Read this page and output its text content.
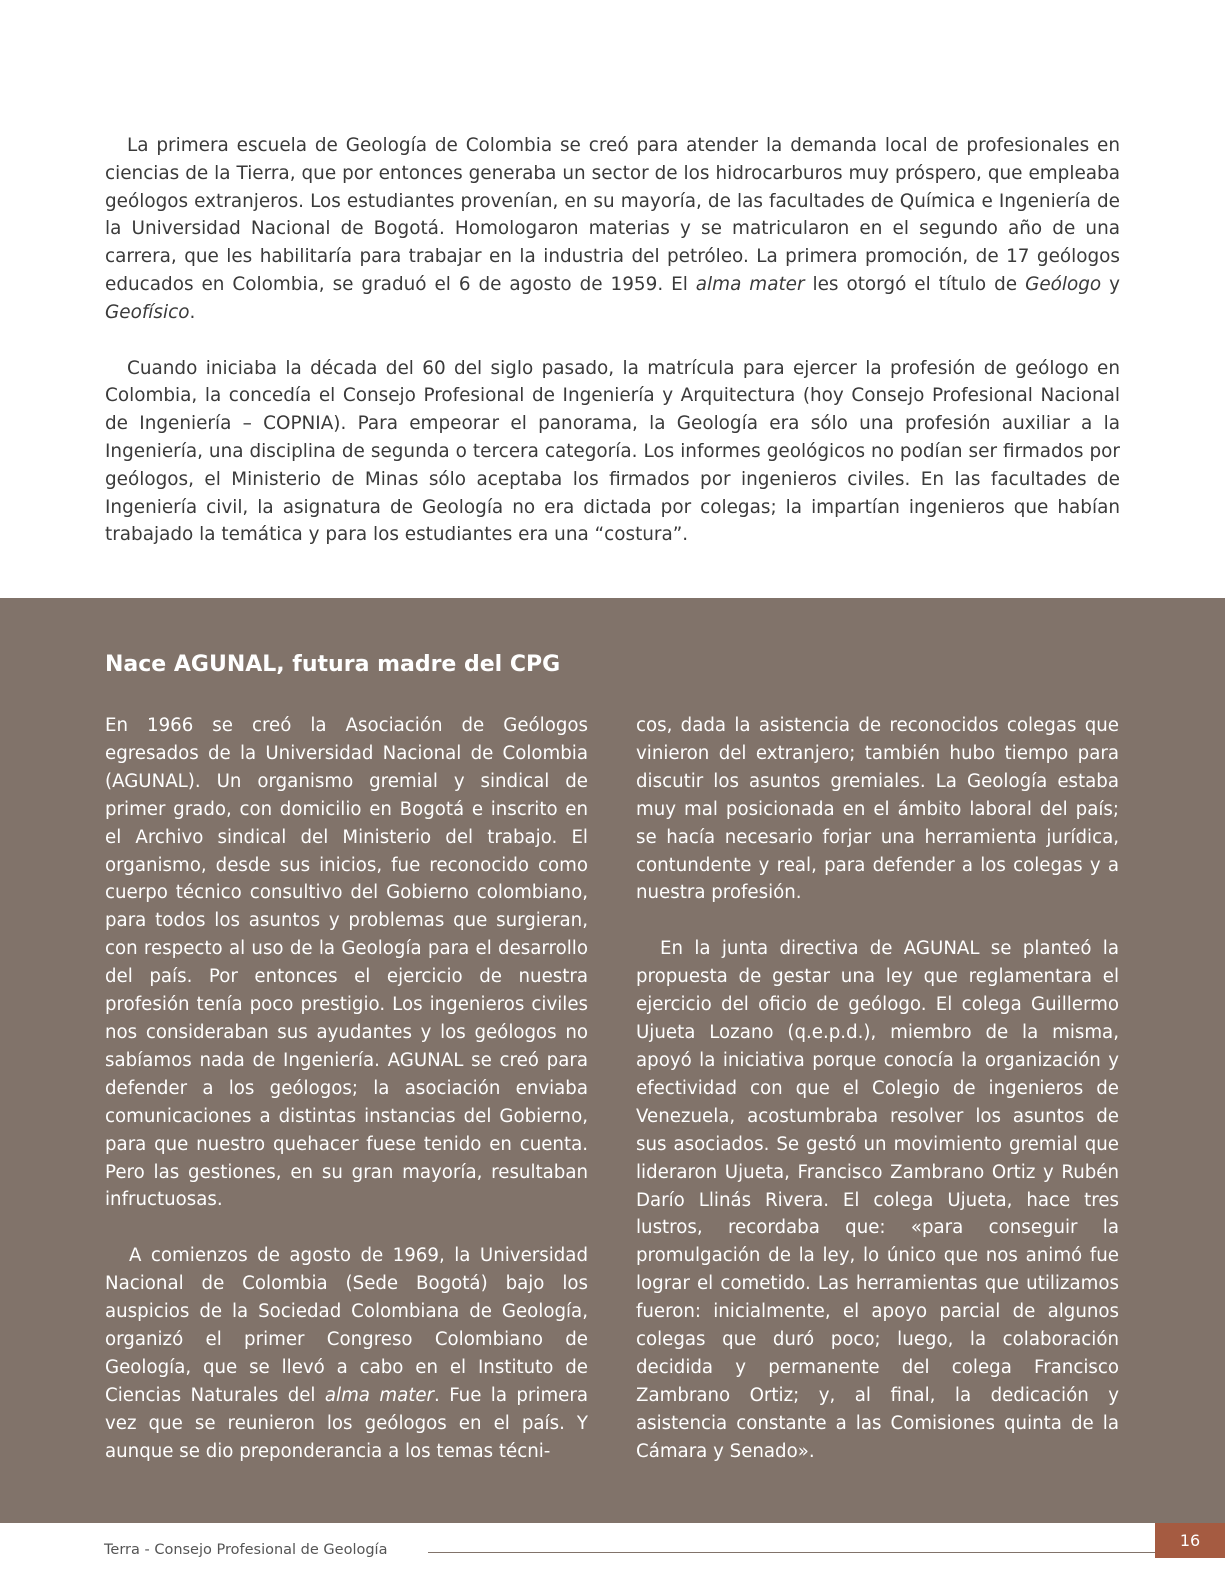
La primera escuela de Geología de Colombia se creó para atender la demanda local de profesionales en ciencias de la Tierra, que por entonces generaba un sector de los hidrocarburos muy próspero, que empleaba geólogos extranjeros. Los estudiantes provenían, en su mayoría, de las facultades de Química e Ingeniería de la Universidad Nacional de Bogotá. Homologaron materias y se matricularon en el segundo año de una carrera, que les habilitaría para trabajar en la industria del petróleo. La primera promoción, de 17 geólogos educados en Colombia, se graduó el 6 de agosto de 1959. El alma mater les otorgó el título de Geólogo y Geofísico.

Cuando iniciaba la década del 60 del siglo pasado, la matrícula para ejercer la profesión de geólogo en Colombia, la concedía el Consejo Profesional de Ingeniería y Arquitectura (hoy Consejo Profesional Nacional de Ingeniería – COPNIA). Para empeorar el panorama, la Geología era sólo una profesión auxiliar a la Ingeniería, una disciplina de segunda o tercera categoría. Los informes geológicos no podían ser firmados por geólogos, el Ministerio de Minas sólo aceptaba los firmados por ingenieros civiles. En las facultades de Ingeniería civil, la asignatura de Geología no era dictada por colegas; la impartían ingenieros que habían trabajado la temática y para los estudiantes era una “costura”.

Nace AGUNAL, futura madre del CPG

En 1966 se creó la Asociación de Geólogos egresados de la Universidad Nacional de Colombia (AGUNAL). Un organismo gremial y sindical de primer grado, con domicilio en Bogotá e inscrito en el Archivo sindical del Ministerio del trabajo. El organismo, desde sus inicios, fue reconocido como cuerpo técnico consultivo del Gobierno colombiano, para todos los asuntos y problemas que surgieran, con respecto al uso de la Geología para el desarrollo del país. Por entonces el ejercicio de nuestra profesión tenía poco prestigio. Los ingenieros civiles nos consideraban sus ayudantes y los geólogos no sabíamos nada de Ingeniería. AGUNAL se creó para defender a los geólogos; la asociación enviaba comunicaciones a distintas instancias del Gobierno, para que nuestro quehacer fuese tenido en cuenta. Pero las gestiones, en su gran mayoría, resultaban infructuosas.

A comienzos de agosto de 1969, la Universidad Nacional de Colombia (Sede Bogotá) bajo los auspicios de la Sociedad Colombiana de Geología, organizó el primer Congreso Colombiano de Geología, que se llevó a cabo en el Instituto de Ciencias Naturales del alma mater. Fue la primera vez que se reunieron los geólogos en el país. Y aunque se dio preponderancia a los temas técni-

cos, dada la asistencia de reconocidos colegas que vinieron del extranjero; también hubo tiempo para discutir los asuntos gremiales. La Geología estaba muy mal posicionada en el ámbito laboral del país; se hacía necesario forjar una herramienta jurídica, contundente y real, para defender a los colegas y a nuestra profesión.

En la junta directiva de AGUNAL se planteó la propuesta de gestar una ley que reglamentara el ejercicio del oficio de geólogo. El colega Guillermo Ujueta Lozano (q.e.p.d.), miembro de la misma, apoyó la iniciativa porque conocía la organización y efectividad con que el Colegio de ingenieros de Venezuela, acostumbraba resolver los asuntos de sus asociados. Se gestó un movimiento gremial que lideraron Ujueta, Francisco Zambrano Ortiz y Rubén Darío Llinás Rivera. El colega Ujueta, hace tres lustros, recordaba que: «para conseguir la promulgación de la ley, lo único que nos animó fue lograr el cometido. Las herramientas que utilizamos fueron: inicialmente, el apoyo parcial de algunos colegas que duró poco; luego, la colaboración decidida y permanente del colega Francisco Zambrano Ortiz; y, al final, la dedicación y asistencia constante a las Comisiones quinta de la Cámara y Senado».

Terra - Consejo Profesional de Geología	16
